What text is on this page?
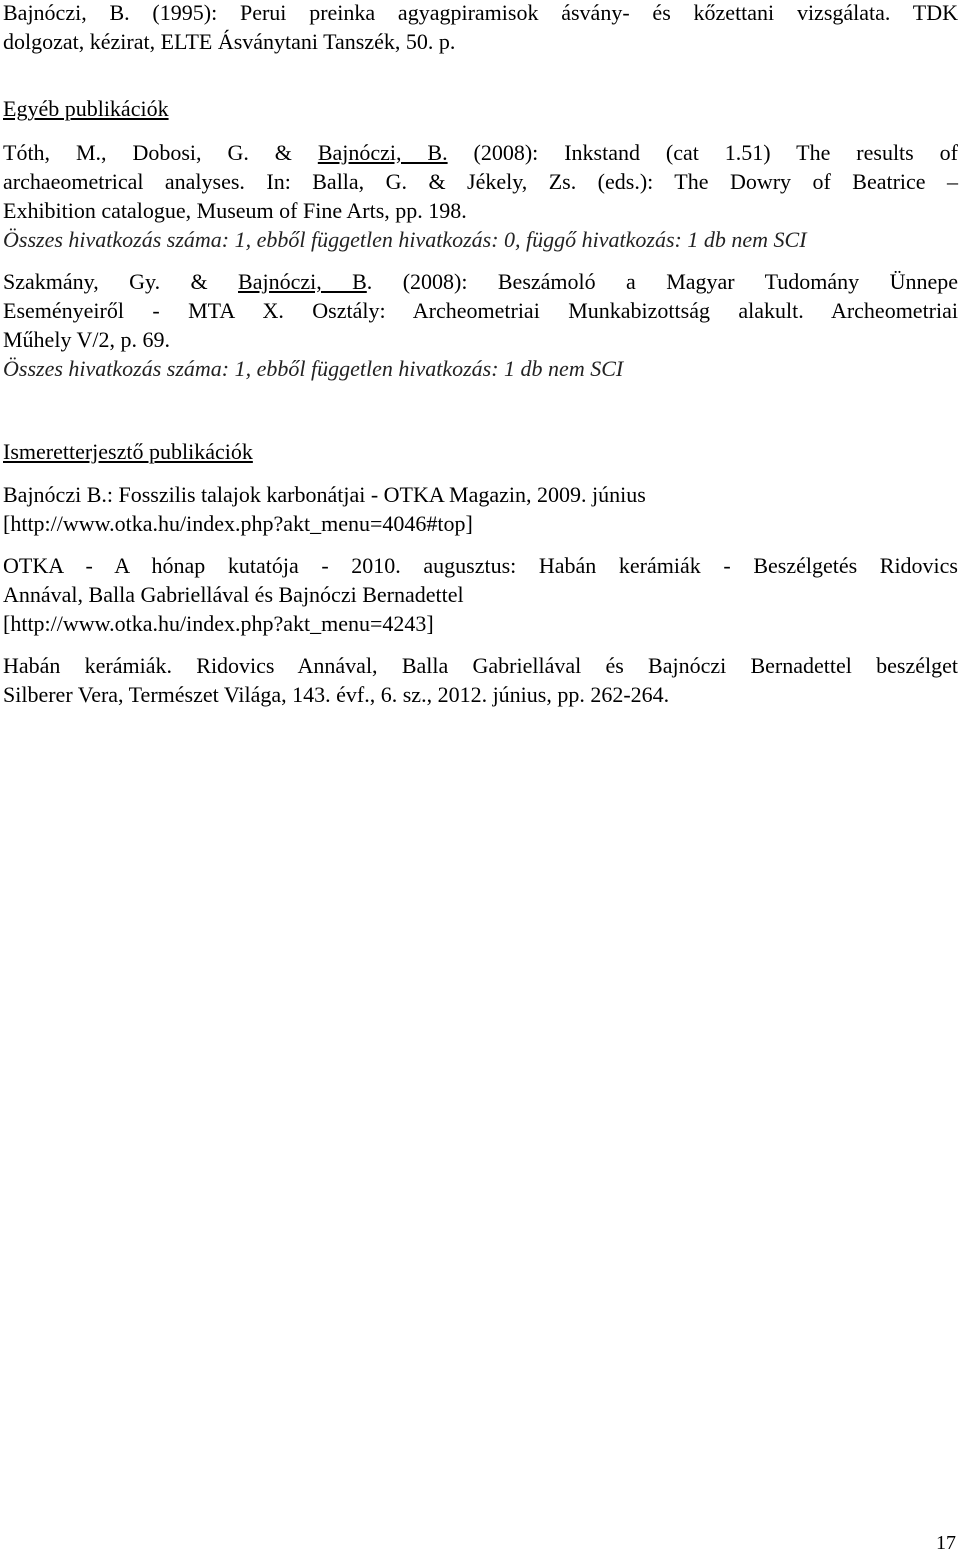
Bajnóczi, B. (1995): Perui preinka agyagpiramisok ásvány- és kőzettani vizsgálata. TDK
dolgozat, kézirat, ELTE Ásványtani Tanszék, 50. p.
Egyéb publikációk
Tóth, M., Dobosi, G. & Bajnóczi, B. (2008): Inkstand (cat 1.51) The results of
archaeometrical analyses. In: Balla, G. & Jékely, Zs. (eds.): The Dowry of Beatrice –
Exhibition catalogue, Museum of Fine Arts, pp. 198.
Összes hivatkozás száma: 1, ebből független hivatkozás: 0, függő hivatkozás: 1 db nem SCI
Szakmány, Gy. & Bajnóczi, B. (2008): Beszámoló a Magyar Tudomány Ünnepe
Eseményeiről - MTA X. Osztály: Archeometriai Munkabizottság alakult. Archeometriai
Műhely V/2, p. 69.
Összes hivatkozás száma: 1, ebből független hivatkozás: 1 db nem SCI
Ismeretterjesztő publikációk
Bajnóczi B.: Fosszilis talajok karbonátjai - OTKA Magazin, 2009. június
[http://www.otka.hu/index.php?akt_menu=4046#top]
OTKA - A hónap kutatója - 2010. augusztus: Habán kerámiák - Beszélgetés Ridovics
Annával, Balla Gabriellával és Bajnóczi Bernadettel
[http://www.otka.hu/index.php?akt_menu=4243]
Habán kerámiák. Ridovics Annával, Balla Gabriellával és Bajnóczi Bernadettel beszélget
Silberer Vera, Természet Világa, 143. évf., 6. sz., 2012. június, pp. 262-264.
17
